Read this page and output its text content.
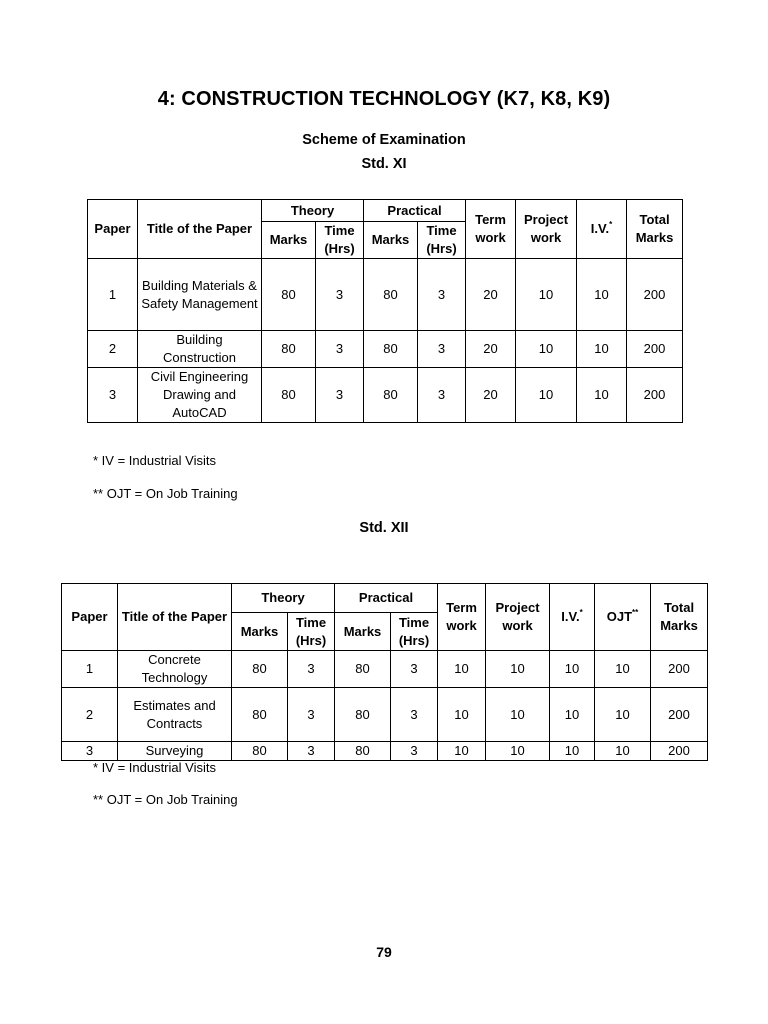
4: CONSTRUCTION TECHNOLOGY (K7, K8, K9)
Scheme of Examination
Std. XI
Paper	Title of the Paper	Theory		Practical		Term work	Project work	I.V.*	Total Marks
		Marks	Time (Hrs)	Marks	Time (Hrs)				
1	Building Materials & Safety Management	80	3	80	3	20	10	10	200
2	Building Construction	80	3	80	3	20	10	10	200
3	Civil Engineering Drawing and AutoCAD	80	3	80	3	20	10	10	200
* IV = Industrial Visits
** OJT = On Job Training
Std. XII
Paper	Title of the Paper	Theory		Practical		Term work	Project work	I.V.*	OJT**	Total Marks
		Marks	Time (Hrs)	Marks	Time (Hrs)					
1	Concrete Technology	80	3	80	3	10	10	10	10	200
2	Estimates and Contracts	80	3	80	3	10	10	10	10	200
3	Surveying	80	3	80	3	10	10	10	10	200
* IV = Industrial Visits
** OJT = On Job Training
79
